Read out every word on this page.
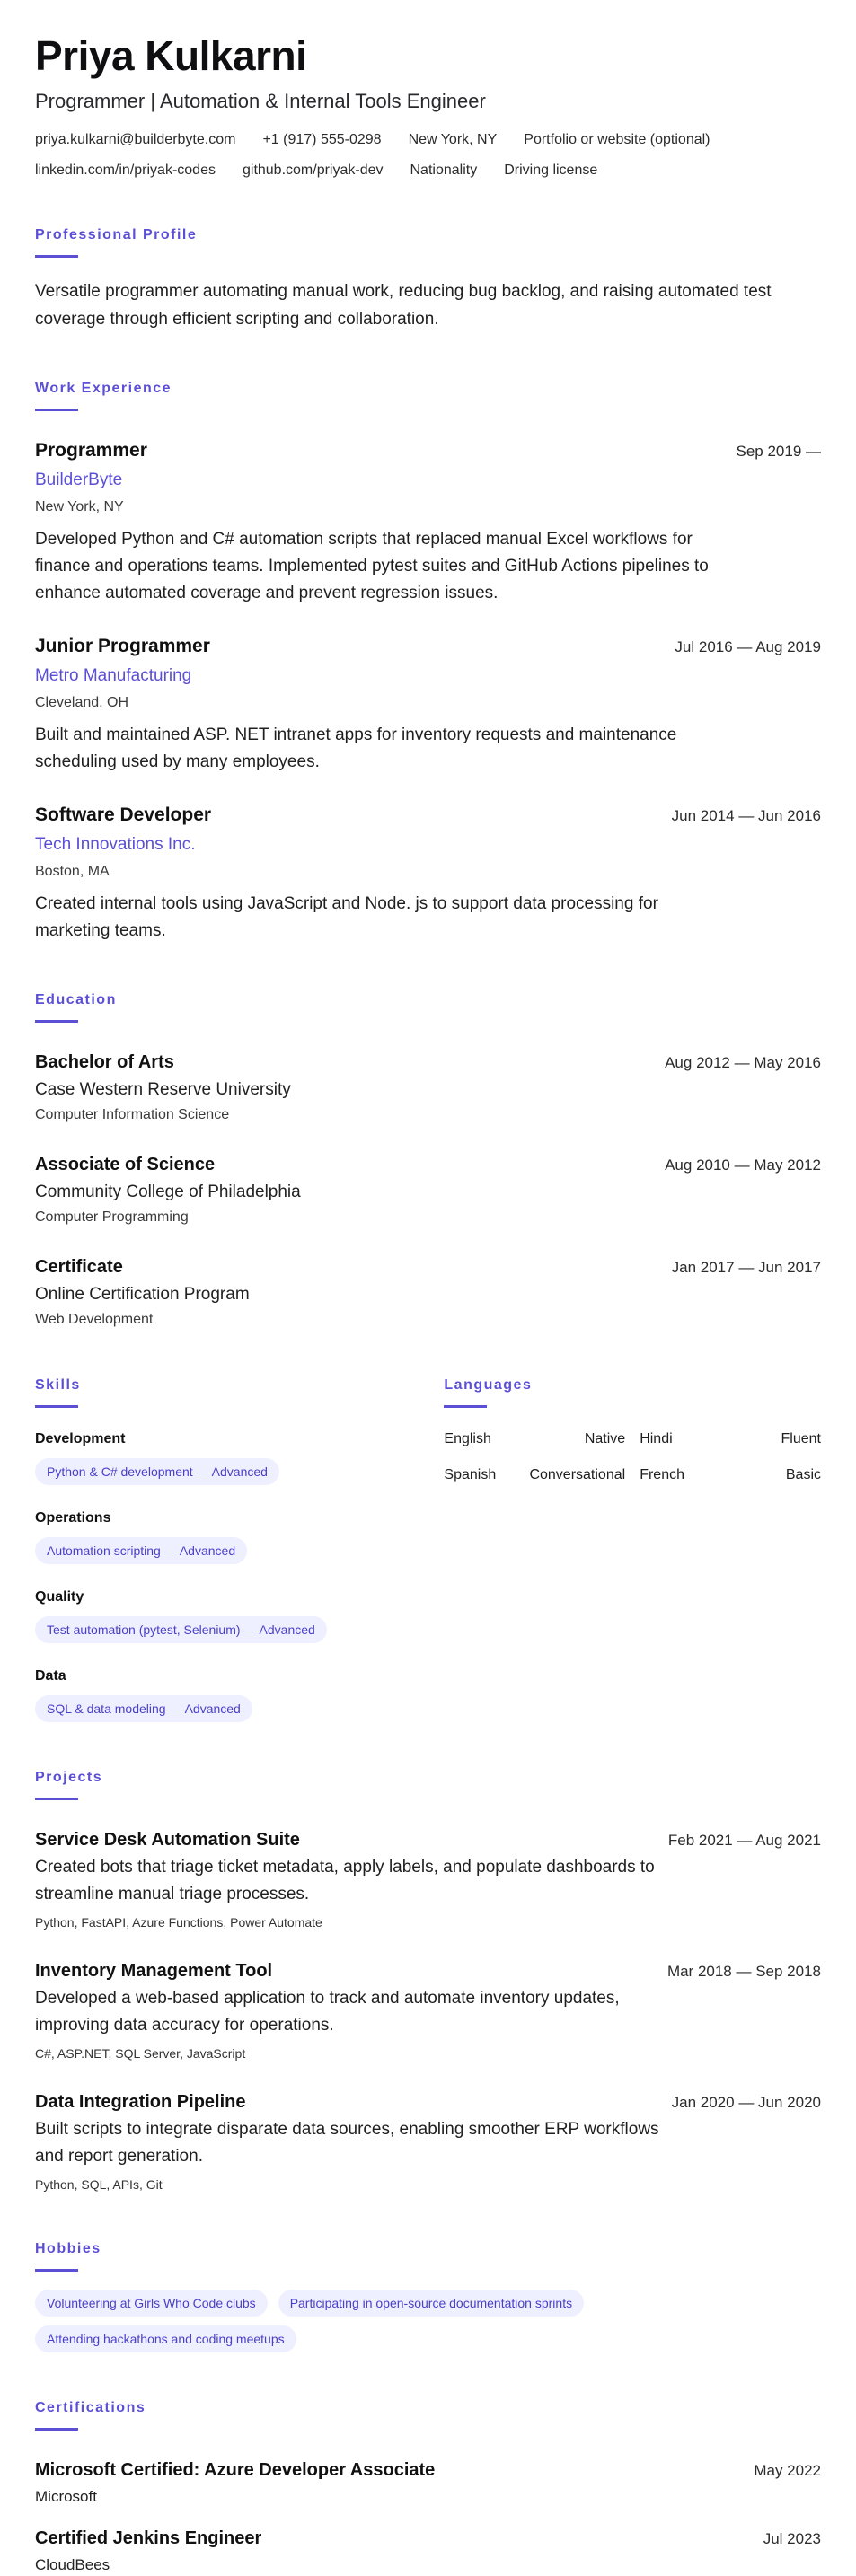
Priya Kulkarni
Programmer | Automation & Internal Tools Engineer
priya.kulkarni@builderbyte.com +1 (917) 555-0298 New York, NY Portfolio or website (optional)
linkedin.com/in/priyak-codes github.com/priyak-dev Nationality Driving license
Professional Profile
Versatile programmer automating manual work, reducing bug backlog, and raising automated test coverage through efficient scripting and collaboration.
Work Experience
Programmer	Sep 2019 —
BuilderByte
New York, NY
Developed Python and C# automation scripts that replaced manual Excel workflows for finance and operations teams. Implemented pytest suites and GitHub Actions pipelines to enhance automated coverage and prevent regression issues.
Junior Programmer	Jul 2016 — Aug 2019
Metro Manufacturing
Cleveland, OH
Built and maintained ASP. NET intranet apps for inventory requests and maintenance scheduling used by many employees.
Software Developer	Jun 2014 — Jun 2016
Tech Innovations Inc.
Boston, MA
Created internal tools using JavaScript and Node. js to support data processing for marketing teams.
Education
Bachelor of Arts	Aug 2012 — May 2016
Case Western Reserve University
Computer Information Science
Associate of Science	Aug 2010 — May 2012
Community College of Philadelphia
Computer Programming
Certificate	Jan 2017 — Jun 2017
Online Certification Program
Web Development
Skills
Development
Python & C# development — Advanced
Operations
Automation scripting — Advanced
Quality
Test automation (pytest, Selenium) — Advanced
Data
SQL & data modeling — Advanced
Languages
English	Native Hindi	Fluent
Spanish Conversational French	Basic
Projects
Service Desk Automation Suite	Feb 2021 — Aug 2021
Created bots that triage ticket metadata, apply labels, and populate dashboards to streamline manual triage processes.
Python, FastAPI, Azure Functions, Power Automate
Inventory Management Tool	Mar 2018 — Sep 2018
Developed a web-based application to track and automate inventory updates, improving data accuracy for operations.
C#, ASP.NET, SQL Server, JavaScript
Data Integration Pipeline	Jan 2020 — Jun 2020
Built scripts to integrate disparate data sources, enabling smoother ERP workflows and report generation.
Python, SQL, APIs, Git
Hobbies
Volunteering at Girls Who Code clubs	Participating in open-source documentation sprints
Attending hackathons and coding meetups
Certifications
Microsoft Certified: Azure Developer Associate	May 2022
Microsoft
Certified Jenkins Engineer	Jul 2023
CloudBees
